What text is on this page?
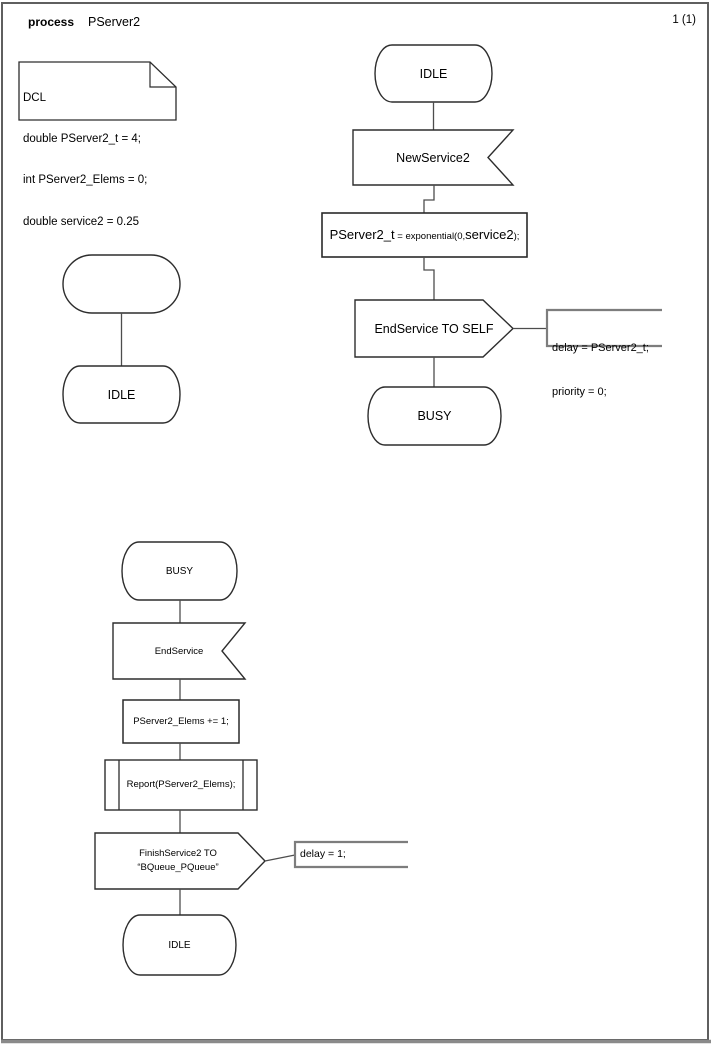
process PServer2	1 (1)

DCL

double PServer2_t = 4;

int PServer2_Elems = 0;

double service2 = 0.25

IDLE
NewService2
PServer2_t = exponential(0,service2);
EndService TO SELF

delay = PServer2_t;

priority = 0;

BUSY
IDLE
BUSY
EndService
PServer2_Elems += 1;
Report(PServer2_Elems);
FinishService2 TO
“BQueue_PQueue”
delay = 1;
IDLE
